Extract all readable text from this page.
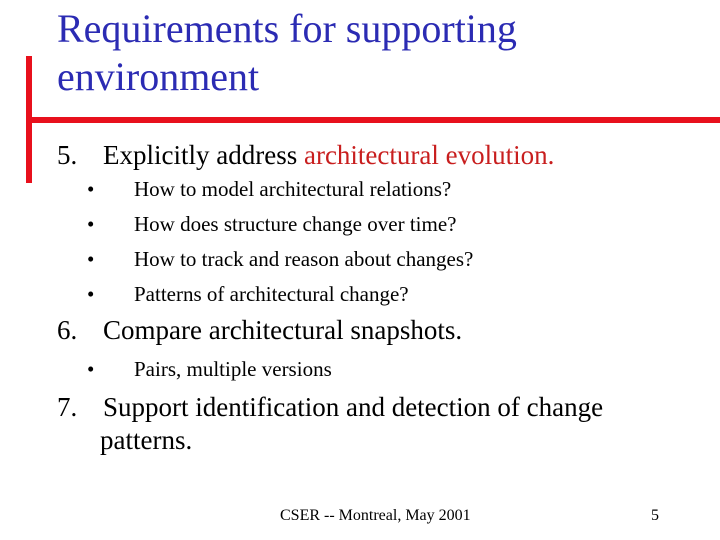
Requirements for supporting
environment
5. Explicitly address architectural evolution.
• How to model architectural relations?
• How does structure change over time?
• How to track and reason about changes?
• Patterns of architectural change?
6. Compare architectural snapshots.
• Pairs, multiple versions
7. Support identification and detection of change
patterns.
CSER -- Montreal, May 2001	5
